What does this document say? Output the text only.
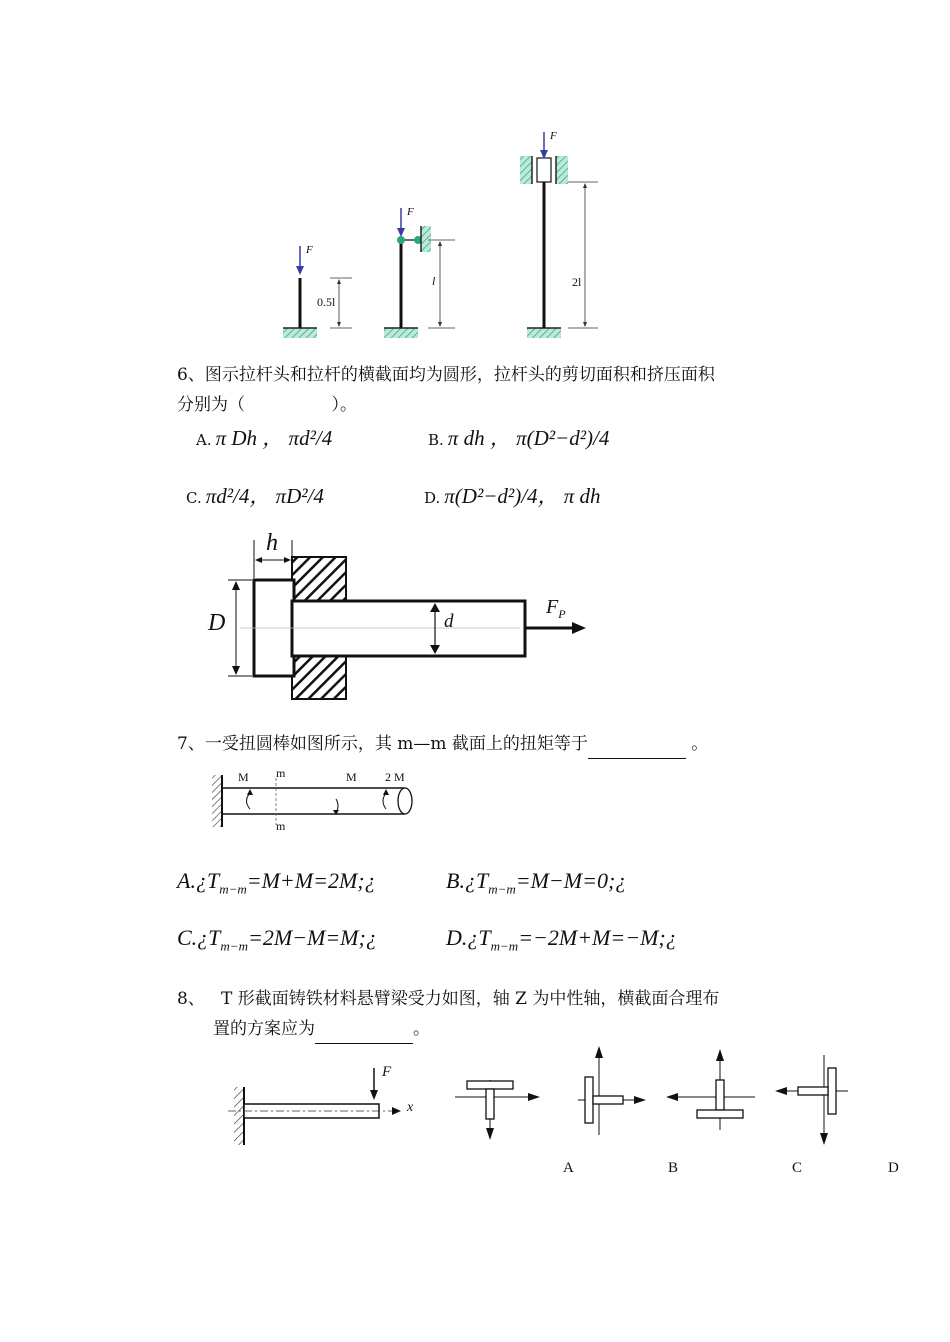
F
F
F
0.5l
l	2l
6、图示拉杆头和拉杆的横截面均为圆形，拉杆头的剪切面积和挤压面积
分别为（                ）。
A. π Dh ， πd²/4	B. π dh ， π(D²−d²)/4
C. πd²/4， πD²/4	D. π(D²−d²)/4， π dh
h
D	d
$F_P$
7、一受扭圆棒如图所示，其 m—m 截面上的扭矩等于	。
M m
m
M 2 M
$A.¿T_{m-m}=M+M=2M;¿$	$B.¿T_{m-m}=M-M=0;¿$
$C.¿T_{m-m}=2M-M=M;¿$	$D.¿T_{m-m}=-2M+M=-M;¿$
8、   T 形截面铸铁材料悬臂梁受力如图，轴 Z 为中性轴，横截面合理布
置的方案应为	。
F
x
A	B	C	D
